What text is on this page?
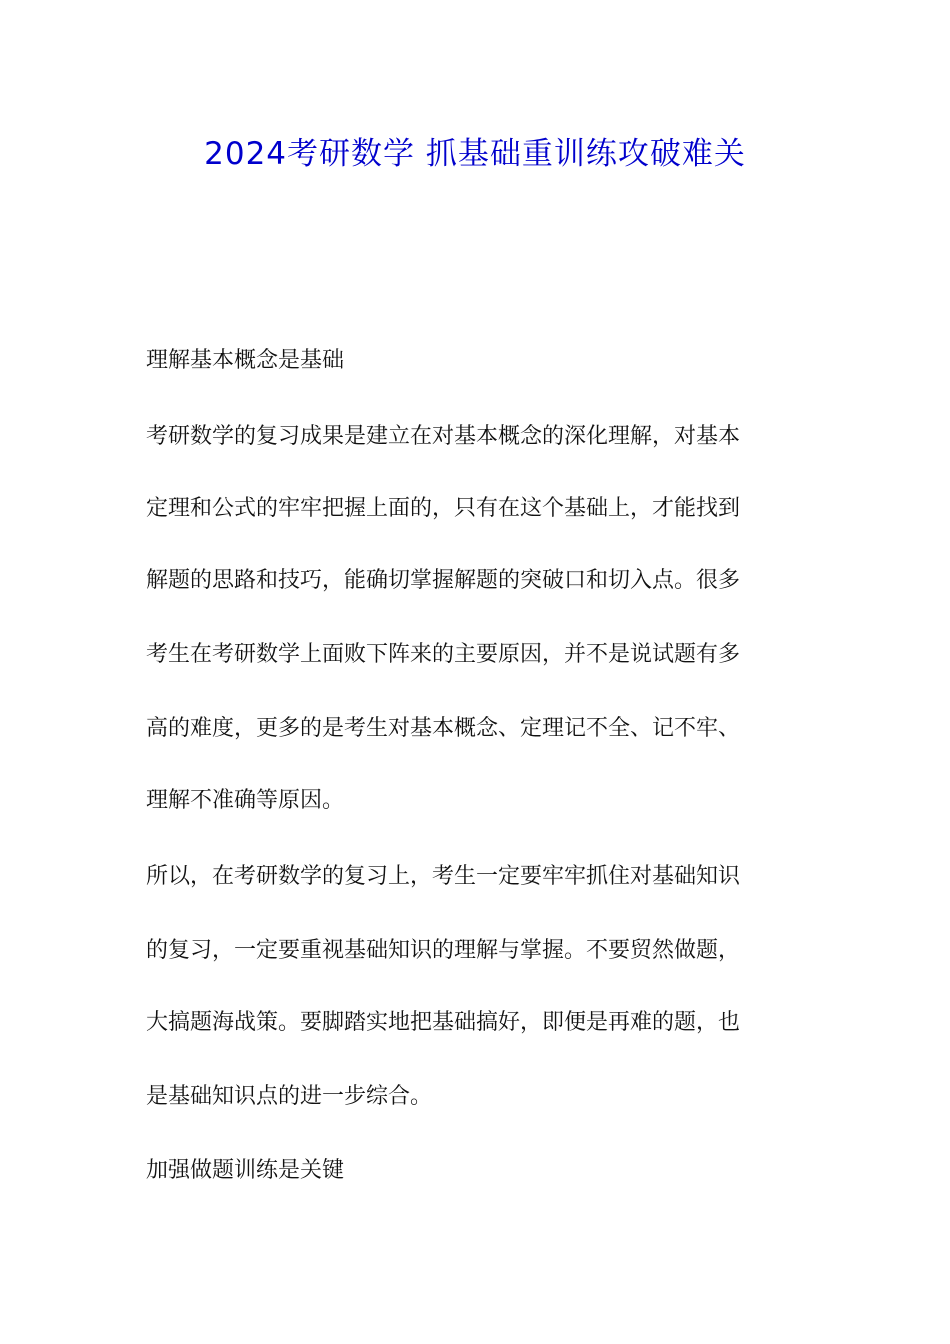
2024考研数学 抓基础重训练攻破难关
理解基本概念是基础
考研数学的复习成果是建立在对基本概念的深化理解，对基本
定理和公式的牢牢把握上面的，只有在这个基础上，才能找到
解题的思路和技巧，能确切掌握解题的突破口和切入点。很多
考生在考研数学上面败下阵来的主要原因，并不是说试题有多
高的难度，更多的是考生对基本概念、定理记不全、记不牢、
理解不准确等原因。
所以，在考研数学的复习上，考生一定要牢牢抓住对基础知识
的复习，一定要重视基础知识的理解与掌握。不要贸然做题，
大搞题海战策。要脚踏实地把基础搞好，即便是再难的题，也
是基础知识点的进一步综合。
加强做题训练是关键
